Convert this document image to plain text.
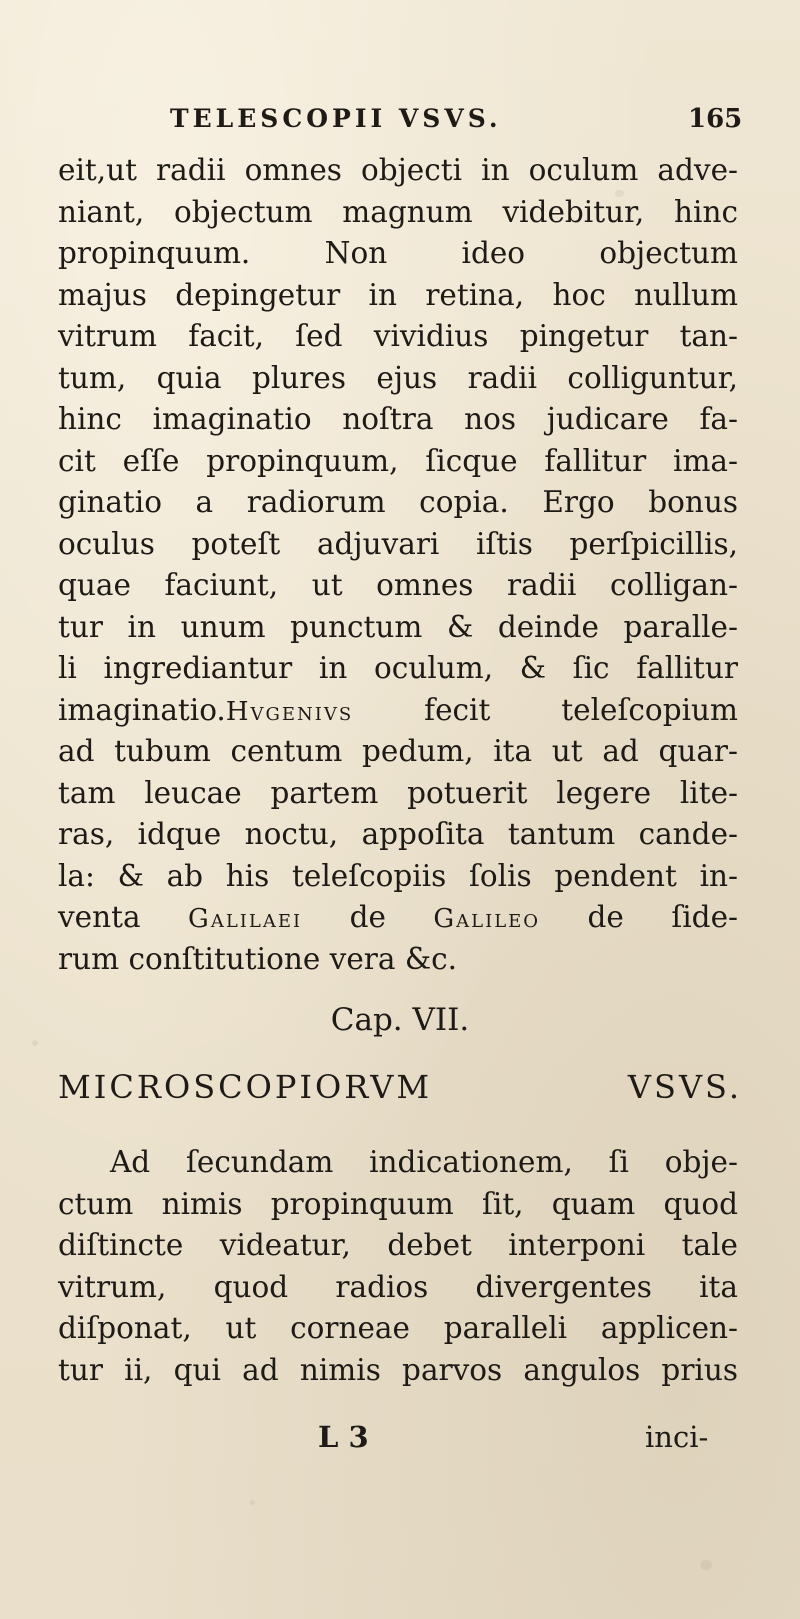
TELESCOPII VSVS.	165
eit,ut radii omnes objecti in oculum adve-
niant, objectum magnum videbitur, hinc
propinquum. Non ideo objectum
majus depingetur in retina, hoc nullum
vitrum facit, ſed vividius pingetur tan-
tum, quia plures ejus radii colliguntur,
hinc imaginatio noſtra nos judicare fa-
cit eſſe propinquum, ſicque fallitur ima-
ginatio a radiorum copia. Ergo bonus
oculus poteſt adjuvari iſtis perſpicillis,
quae faciunt, ut omnes radii colligan-
tur in unum punctum & deinde paralle-
li ingrediantur in oculum, & ſic fallitur
imaginatio.Hvgenivs fecit teleſcopium
ad tubum centum pedum, ita ut ad quar-
tam leucae partem potuerit legere lite-
ras, idque noctu, appoſita tantum cande-
la: & ab his teleſcopiis ſolis pendent in-
venta Galilaei de Galileo de ſide-
rum conſtitutione vera &c.
Cap. VII.
MICROSCOPIORVM VSVS.
Ad ſecundam indicationem, ſi obje-
ctum nimis propinquum ſit, quam quod
diſtincte videatur, debet interponi tale
vitrum, quod radios divergentes ita
diſponat, ut corneae paralleli applicen-
tur ii, qui ad nimis parvos angulos prius
L 3	inci-
